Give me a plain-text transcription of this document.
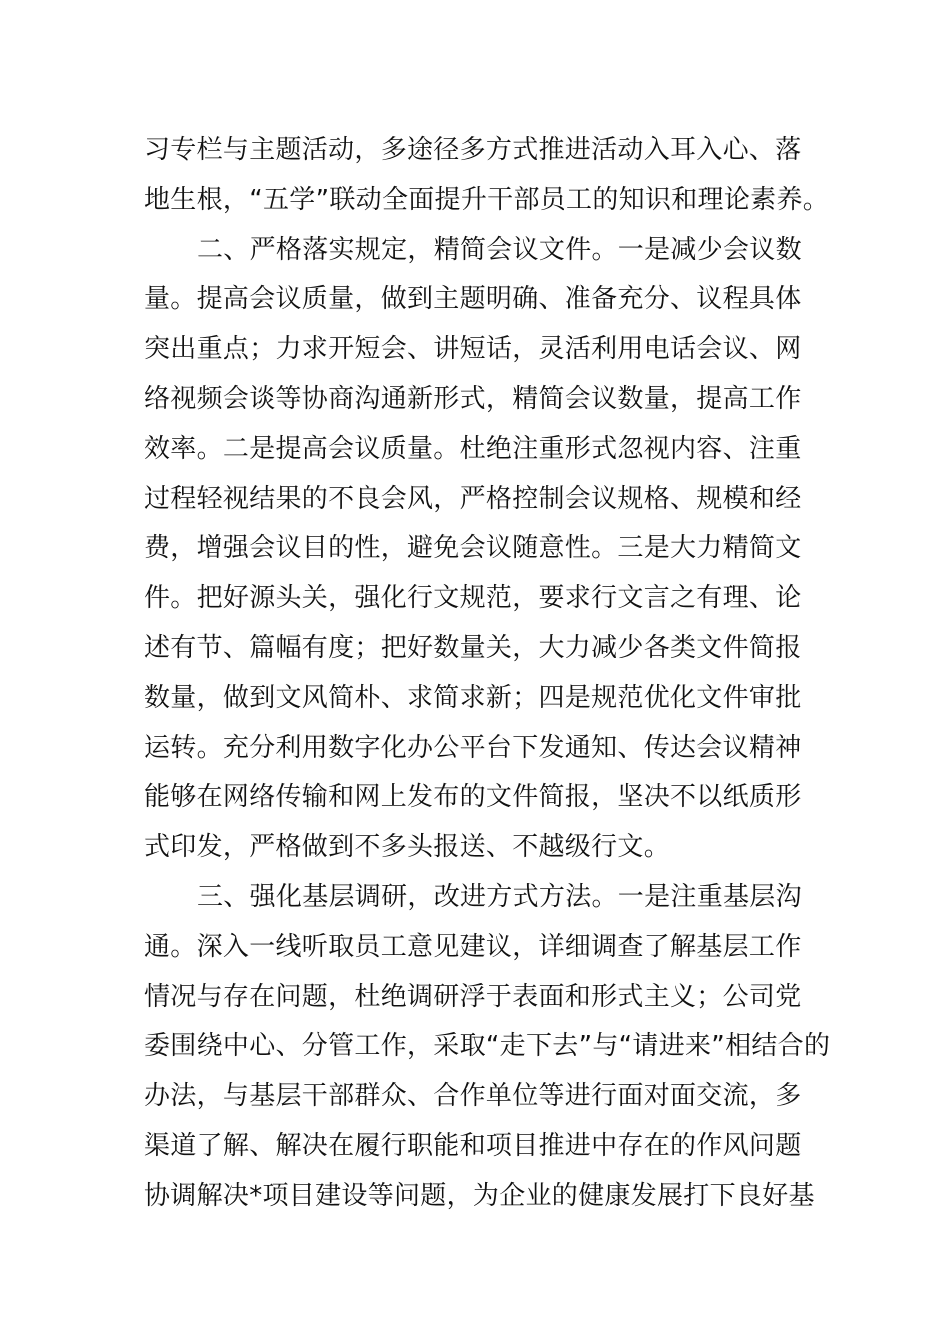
习专栏与主题活动，多途径多方式推进活动入耳入心、落
地生根，“五学”联动全面提升干部员工的知识和理论素养。
二、严格落实规定，精简会议文件。一是减少会议数
量。提高会议质量，做到主题明确、准备充分、议程具体
突出重点；力求开短会、讲短话，灵活利用电话会议、网
络视频会谈等协商沟通新形式，精简会议数量，提高工作
效率。二是提高会议质量。杜绝注重形式忽视内容、注重
过程轻视结果的不良会风，严格控制会议规格、规模和经
费，增强会议目的性，避免会议随意性。三是大力精简文
件。把好源头关，强化行文规范，要求行文言之有理、论
述有节、篇幅有度；把好数量关，大力减少各类文件简报
数量，做到文风简朴、求简求新；四是规范优化文件审批
运转。充分利用数字化办公平台下发通知、传达会议精神
能够在网络传输和网上发布的文件简报，坚决不以纸质形
式印发，严格做到不多头报送、不越级行文。
三、强化基层调研，改进方式方法。一是注重基层沟
通。深入一线听取员工意见建议，详细调查了解基层工作
情况与存在问题，杜绝调研浮于表面和形式主义；公司党
委围绕中心、分管工作，采取“走下去”与“请进来”相结合的
办法，与基层干部群众、合作单位等进行面对面交流，多
渠道了解、解决在履行职能和项目推进中存在的作风问题
协调解决*项目建设等问题，为企业的健康发展打下良好基
